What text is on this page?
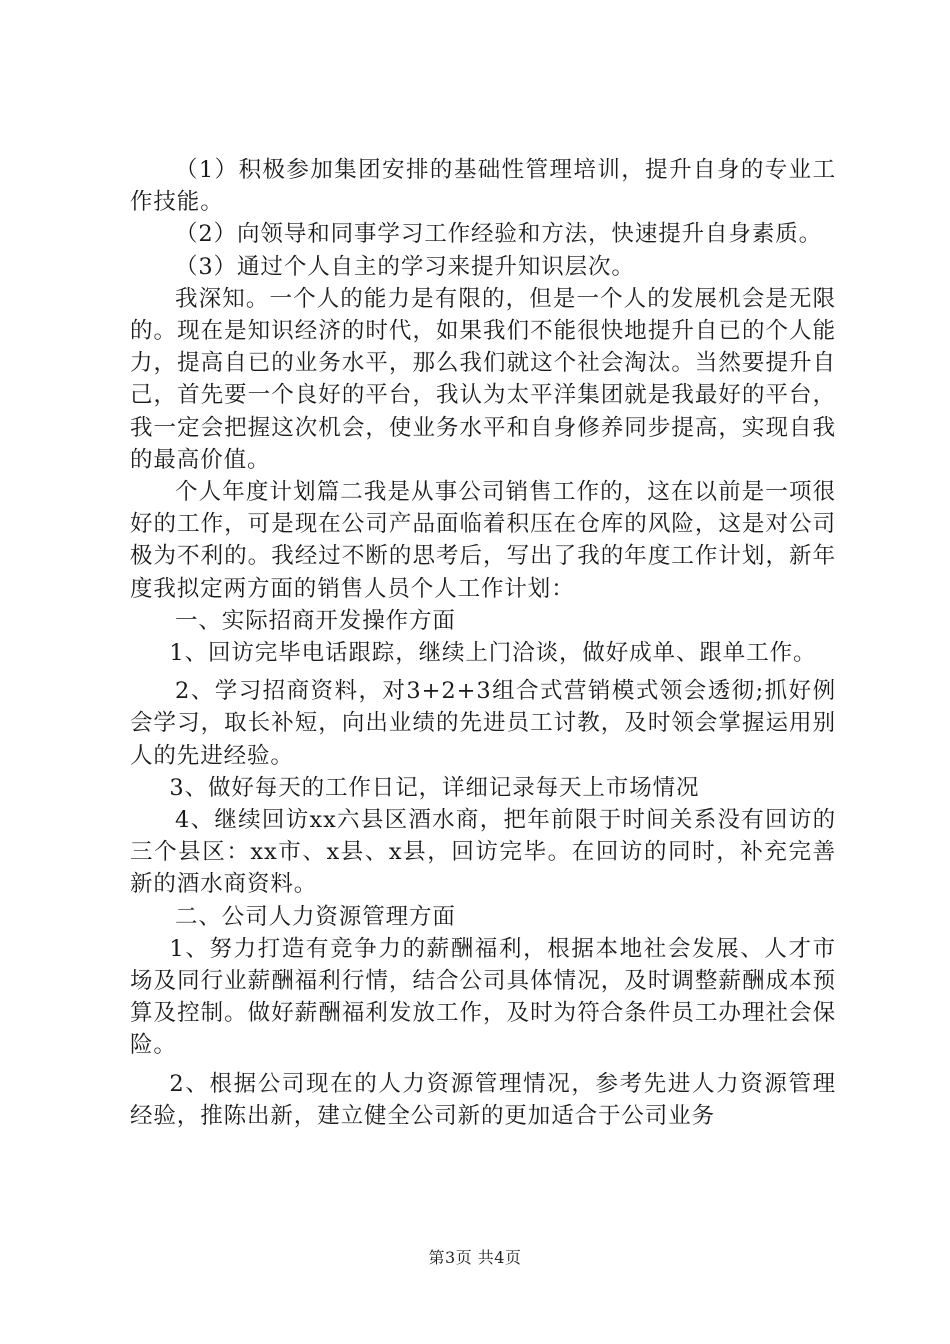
（1）积极参加集团安排的基础性管理培训，提升自身的专业工作技能。

（2）向领导和同事学习工作经验和方法，快速提升自身素质。

（3）通过个人自主的学习来提升知识层次。

我深知。一个人的能力是有限的，但是一个人的发展机会是无限的。现在是知识经济的时代，如果我们不能很快地提升自已的个人能力，提高自已的业务水平，那么我们就这个社会淘汰。当然要提升自己，首先要一个良好的平台，我认为太平洋集团就是我最好的平台，我一定会把握这次机会，使业务水平和自身修养同步提高，实现自我的最高价值。

个人年度计划篇二我是从事公司销售工作的，这在以前是一项很好的工作，可是现在公司产品面临着积压在仓库的风险，这是对公司极为不利的。我经过不断的思考后，写出了我的年度工作计划，新年度我拟定两方面的销售人员个人工作计划：

一、实际招商开发操作方面

1、回访完毕电话跟踪，继续上门洽谈，做好成单、跟单工作。

2、学习招商资料，对3+2+3组合式营销模式领会透彻;抓好例会学习，取长补短，向出业绩的先进员工讨教，及时领会掌握运用别人的先进经验。

3、做好每天的工作日记，详细记录每天上市场情况

4、继续回访xx六县区酒水商，把年前限于时间关系没有回访的三个县区：xx市、x县、x县，回访完毕。在回访的同时，补充完善新的酒水商资料。

二、公司人力资源管理方面

1、努力打造有竞争力的薪酬福利，根据本地社会发展、人才市场及同行业薪酬福利行情，结合公司具体情况，及时调整薪酬成本预算及控制。做好薪酬福利发放工作，及时为符合条件员工办理社会保险。

2、根据公司现在的人力资源管理情况，参考先进人力资源管理经验，推陈出新，建立健全公司新的更加适合于公司业务

第3页 共4页
